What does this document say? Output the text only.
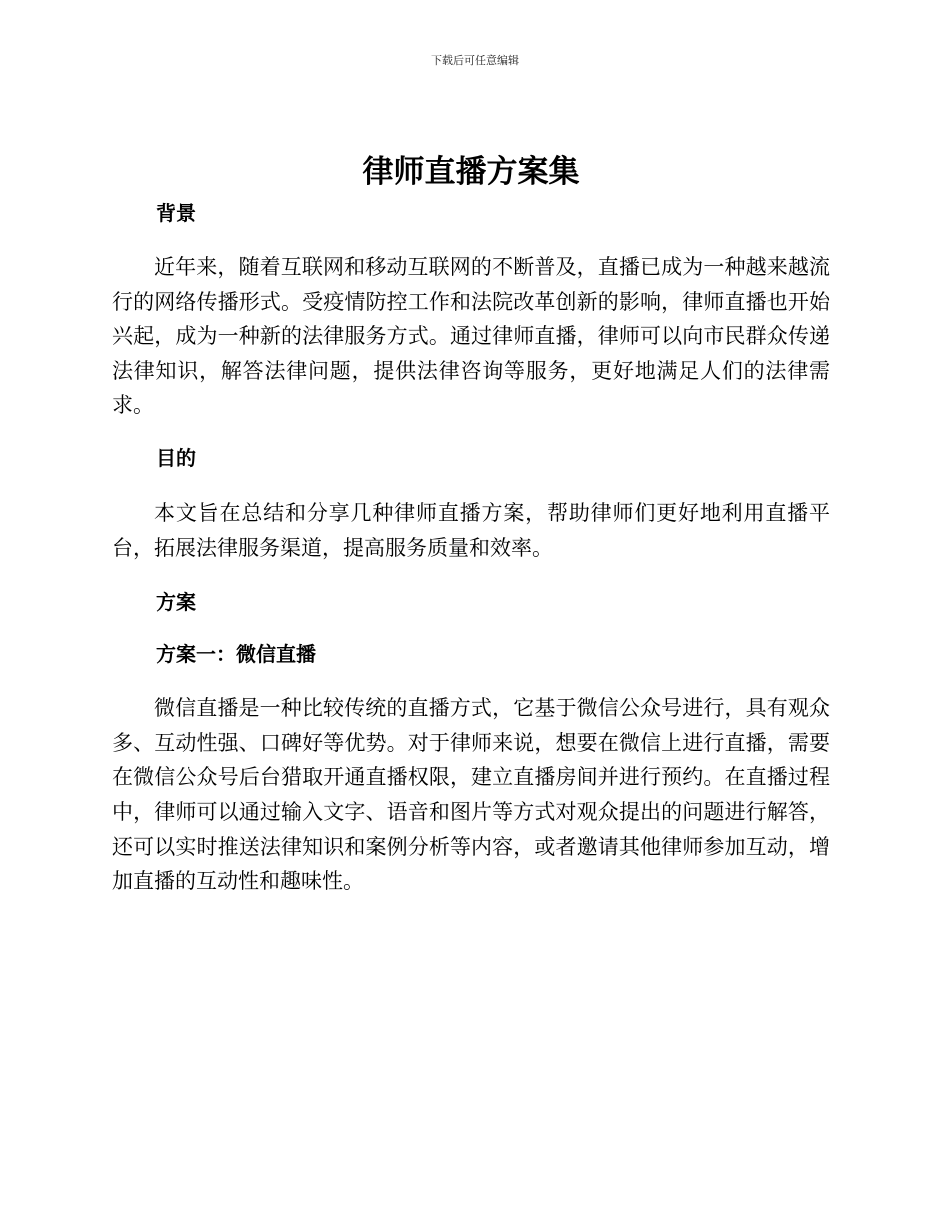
下载后可任意编辑
律师直播方案集
背景

近年来，随着互联网和移动互联网的不断普及，直播已成为一种越来越流行的网络传播形式。受疫情防控工作和法院改革创新的影响，律师直播也开始兴起，成为一种新的法律服务方式。通过律师直播，律师可以向市民群众传递法律知识，解答法律问题，提供法律咨询等服务，更好地满足人们的法律需求。

目的

本文旨在总结和分享几种律师直播方案，帮助律师们更好地利用直播平台，拓展法律服务渠道，提高服务质量和效率。

方案
方案一：微信直播

微信直播是一种比较传统的直播方式，它基于微信公众号进行，具有观众多、互动性强、口碑好等优势。对于律师来说，想要在微信上进行直播，需要在微信公众号后台猎取开通直播权限，建立直播房间并进行预约。在直播过程中，律师可以通过输入文字、语音和图片等方式对观众提出的问题进行解答，还可以实时推送法律知识和案例分析等内容，或者邀请其他律师参加互动，增加直播的互动性和趣味性。
